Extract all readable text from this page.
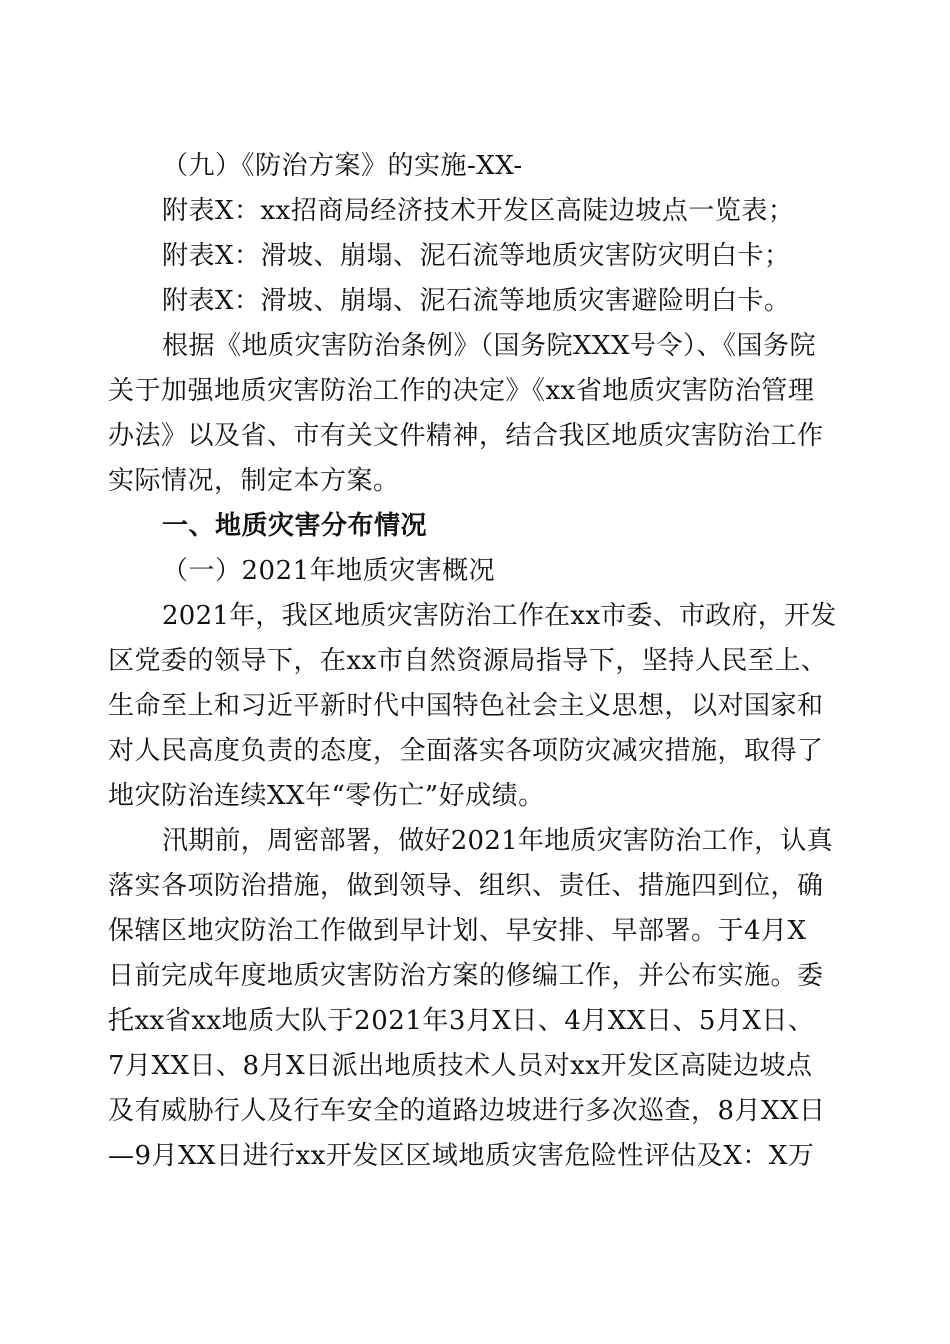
（九）《防治方案》的实施-XX-
附表X：xx招商局经济技术开发区高陡边坡点一览表；
附表X：滑坡、崩塌、泥石流等地质灾害防灾明白卡；
附表X：滑坡、崩塌、泥石流等地质灾害避险明白卡。
根据《地质灾害防治条例》（国务院XXX号令）、《国务院
关于加强地质灾害防治工作的决定》《xx省地质灾害防治管理
办法》以及省、市有关文件精神，结合我区地质灾害防治工作
实际情况，制定本方案。
一、地质灾害分布情况
（一）2021年地质灾害概况
2021年，我区地质灾害防治工作在xx市委、市政府，开发
区党委的领导下，在xx市自然资源局指导下，坚持人民至上、
生命至上和习近平新时代中国特色社会主义思想，以对国家和
对人民高度负责的态度，全面落实各项防灾减灾措施，取得了
地灾防治连续XX年“零伤亡”好成绩。
汛期前，周密部署，做好2021年地质灾害防治工作，认真
落实各项防治措施，做到领导、组织、责任、措施四到位，确
保辖区地灾防治工作做到早计划、早安排、早部署。于4月X
日前完成年度地质灾害防治方案的修编工作，并公布实施。委
托xx省xx地质大队于2021年3月X日、4月XX日、5月X日、
7月XX日、8月X日派出地质技术人员对xx开发区高陡边坡点
及有威胁行人及行车安全的道路边坡进行多次巡查，8月XX日
—9月XX日进行xx开发区区域地质灾害危险性评估及X：X万
